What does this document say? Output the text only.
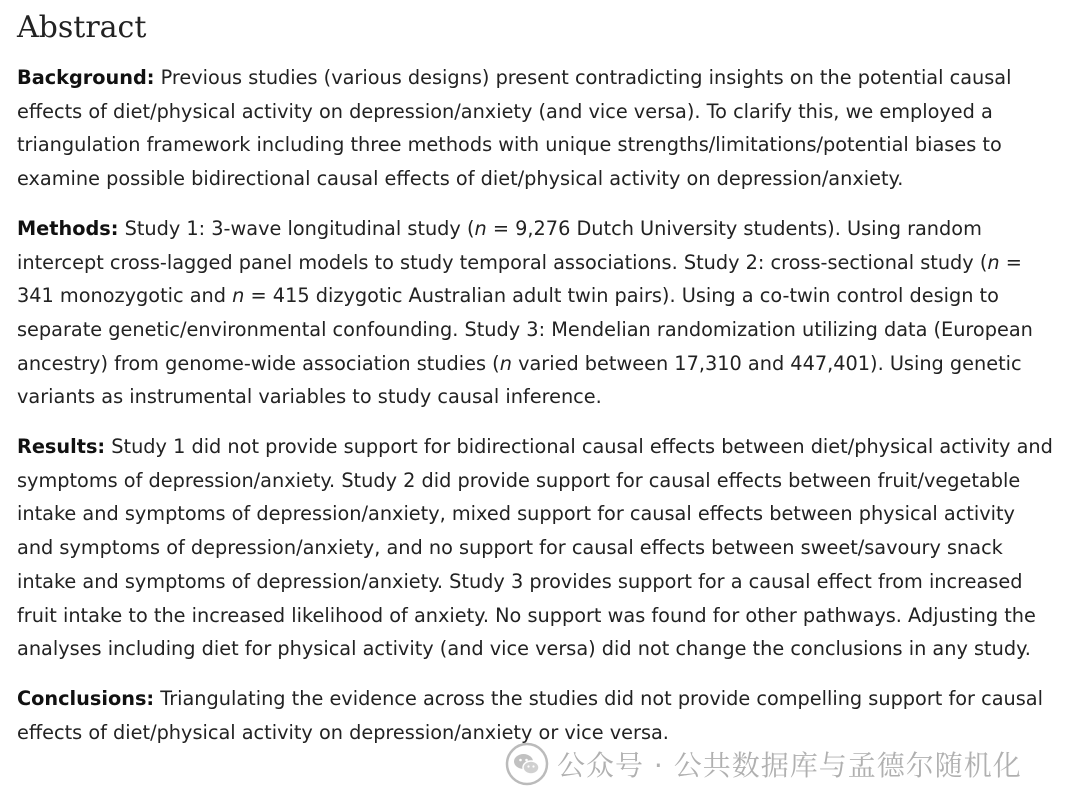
Abstract

Background: Previous studies (various designs) present contradicting insights on the potential causal effects of diet/physical activity on depression/anxiety (and vice versa). To clarify this, we employed a triangulation framework including three methods with unique strengths/limitations/potential biases to examine possible bidirectional causal effects of diet/physical activity on depression/anxiety.

Methods: Study 1: 3-wave longitudinal study (n = 9,276 Dutch University students). Using random intercept cross-lagged panel models to study temporal associations. Study 2: cross-sectional study (n = 341 monozygotic and n = 415 dizygotic Australian adult twin pairs). Using a co-twin control design to separate genetic/environmental confounding. Study 3: Mendelian randomization utilizing data (European ancestry) from genome-wide association studies (n varied between 17,310 and 447,401). Using genetic variants as instrumental variables to study causal inference.

Results: Study 1 did not provide support for bidirectional causal effects between diet/physical activity and symptoms of depression/anxiety. Study 2 did provide support for causal effects between fruit/vegetable intake and symptoms of depression/anxiety, mixed support for causal effects between physical activity and symptoms of depression/anxiety, and no support for causal effects between sweet/savoury snack intake and symptoms of depression/anxiety. Study 3 provides support for a causal effect from increased fruit intake to the increased likelihood of anxiety. No support was found for other pathways. Adjusting the analyses including diet for physical activity (and vice versa) did not change the conclusions in any study.

Conclusions: Triangulating the evidence across the studies did not provide compelling support for causal effects of diet/physical activity on depression/anxiety or vice versa.

公众号 · 公共数据库与孟德尔随机化
